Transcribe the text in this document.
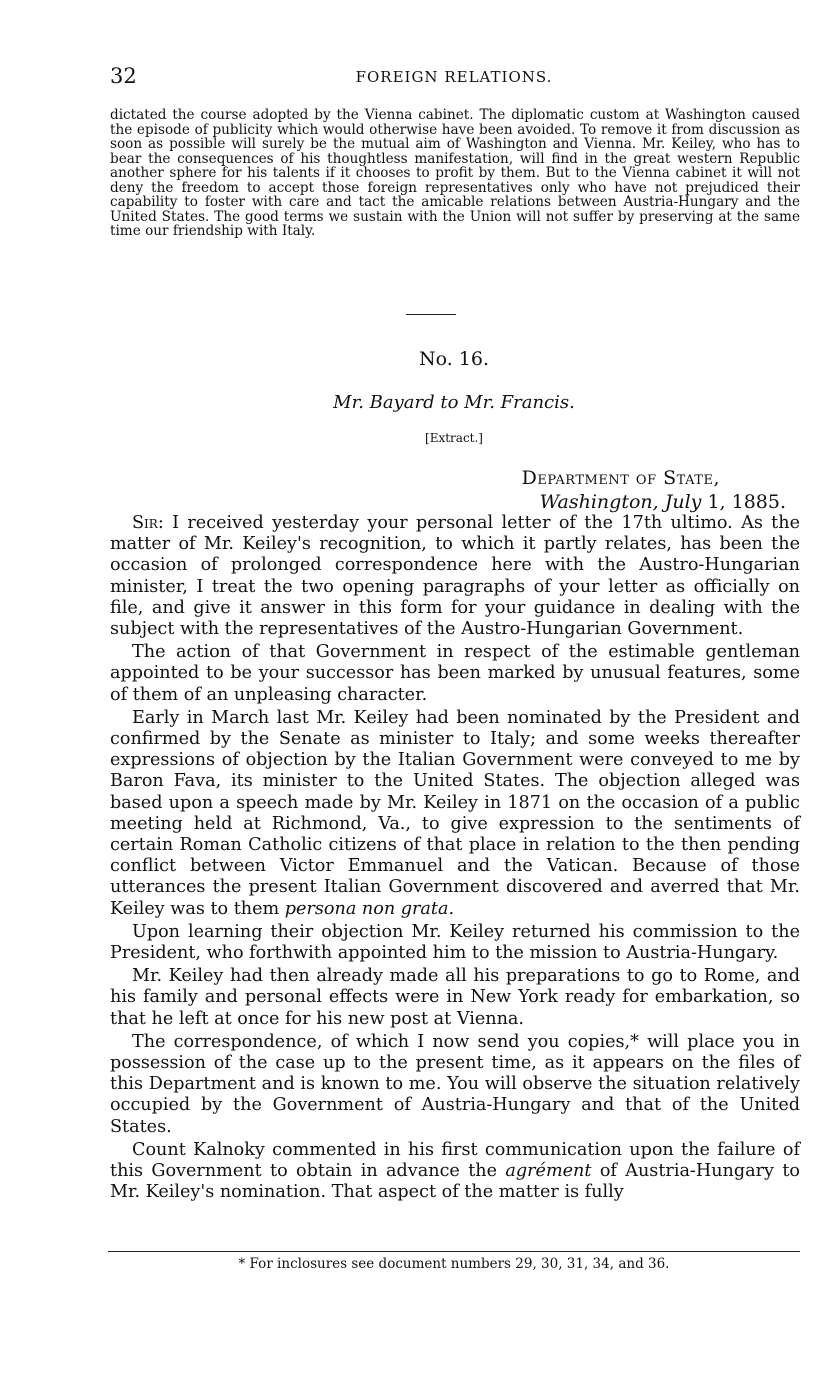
32	FOREIGN RELATIONS.

dictated the course adopted by the Vienna cabinet. The diplomatic custom at Washington caused the episode of publicity which would otherwise have been avoided. To remove it from discussion as soon as possible will surely be the mutual aim of Washington and Vienna. Mr. Keiley, who has to bear the consequences of his thoughtless manifestation, will find in the great western Republic another sphere for his talents if it chooses to profit by them. But to the Vienna cabinet it will not deny the freedom to accept those foreign representatives only who have not prejudiced their capability to foster with care and tact the amicable relations between Austria-Hungary and the United States. The good terms we sustain with the Union will not suffer by preserving at the same time our friendship with Italy.

No. 16.
Mr. Bayard to Mr. Francis.
[Extract.]
Department of State,
Washington, July 1, 1885.

Sir: I received yesterday your personal letter of the 17th ultimo. As the matter of Mr. Keiley's recognition, to which it partly relates, has been the occasion of prolonged correspondence here with the Austro-Hungarian minister, I treat the two opening paragraphs of your letter as officially on file, and give it answer in this form for your guidance in dealing with the subject with the representatives of the Austro-Hungarian Government.

The action of that Government in respect of the estimable gentleman appointed to be your successor has been marked by unusual features, some of them of an unpleasing character.

Early in March last Mr. Keiley had been nominated by the President and confirmed by the Senate as minister to Italy; and some weeks thereafter expressions of objection by the Italian Government were conveyed to me by Baron Fava, its minister to the United States. The objection alleged was based upon a speech made by Mr. Keiley in 1871 on the occasion of a public meeting held at Richmond, Va., to give expression to the sentiments of certain Roman Catholic citizens of that place in relation to the then pending conflict between Victor Emmanuel and the Vatican. Because of those utterances the present Italian Government discovered and averred that Mr. Keiley was to them persona non grata.

Upon learning their objection Mr. Keiley returned his commission to the President, who forthwith appointed him to the mission to Austria-Hungary.

Mr. Keiley had then already made all his preparations to go to Rome, and his family and personal effects were in New York ready for embarkation, so that he left at once for his new post at Vienna.

The correspondence, of which I now send you copies,* will place you in possession of the case up to the present time, as it appears on the files of this Department and is known to me. You will observe the situation relatively occupied by the Government of Austria-Hungary and that of the United States.

Count Kalnoky commented in his first communication upon the failure of this Government to obtain in advance the agrément of Austria-Hungary to Mr. Keiley's nomination. That aspect of the matter is fully

* For inclosures see document numbers 29, 30, 31, 34, and 36.
